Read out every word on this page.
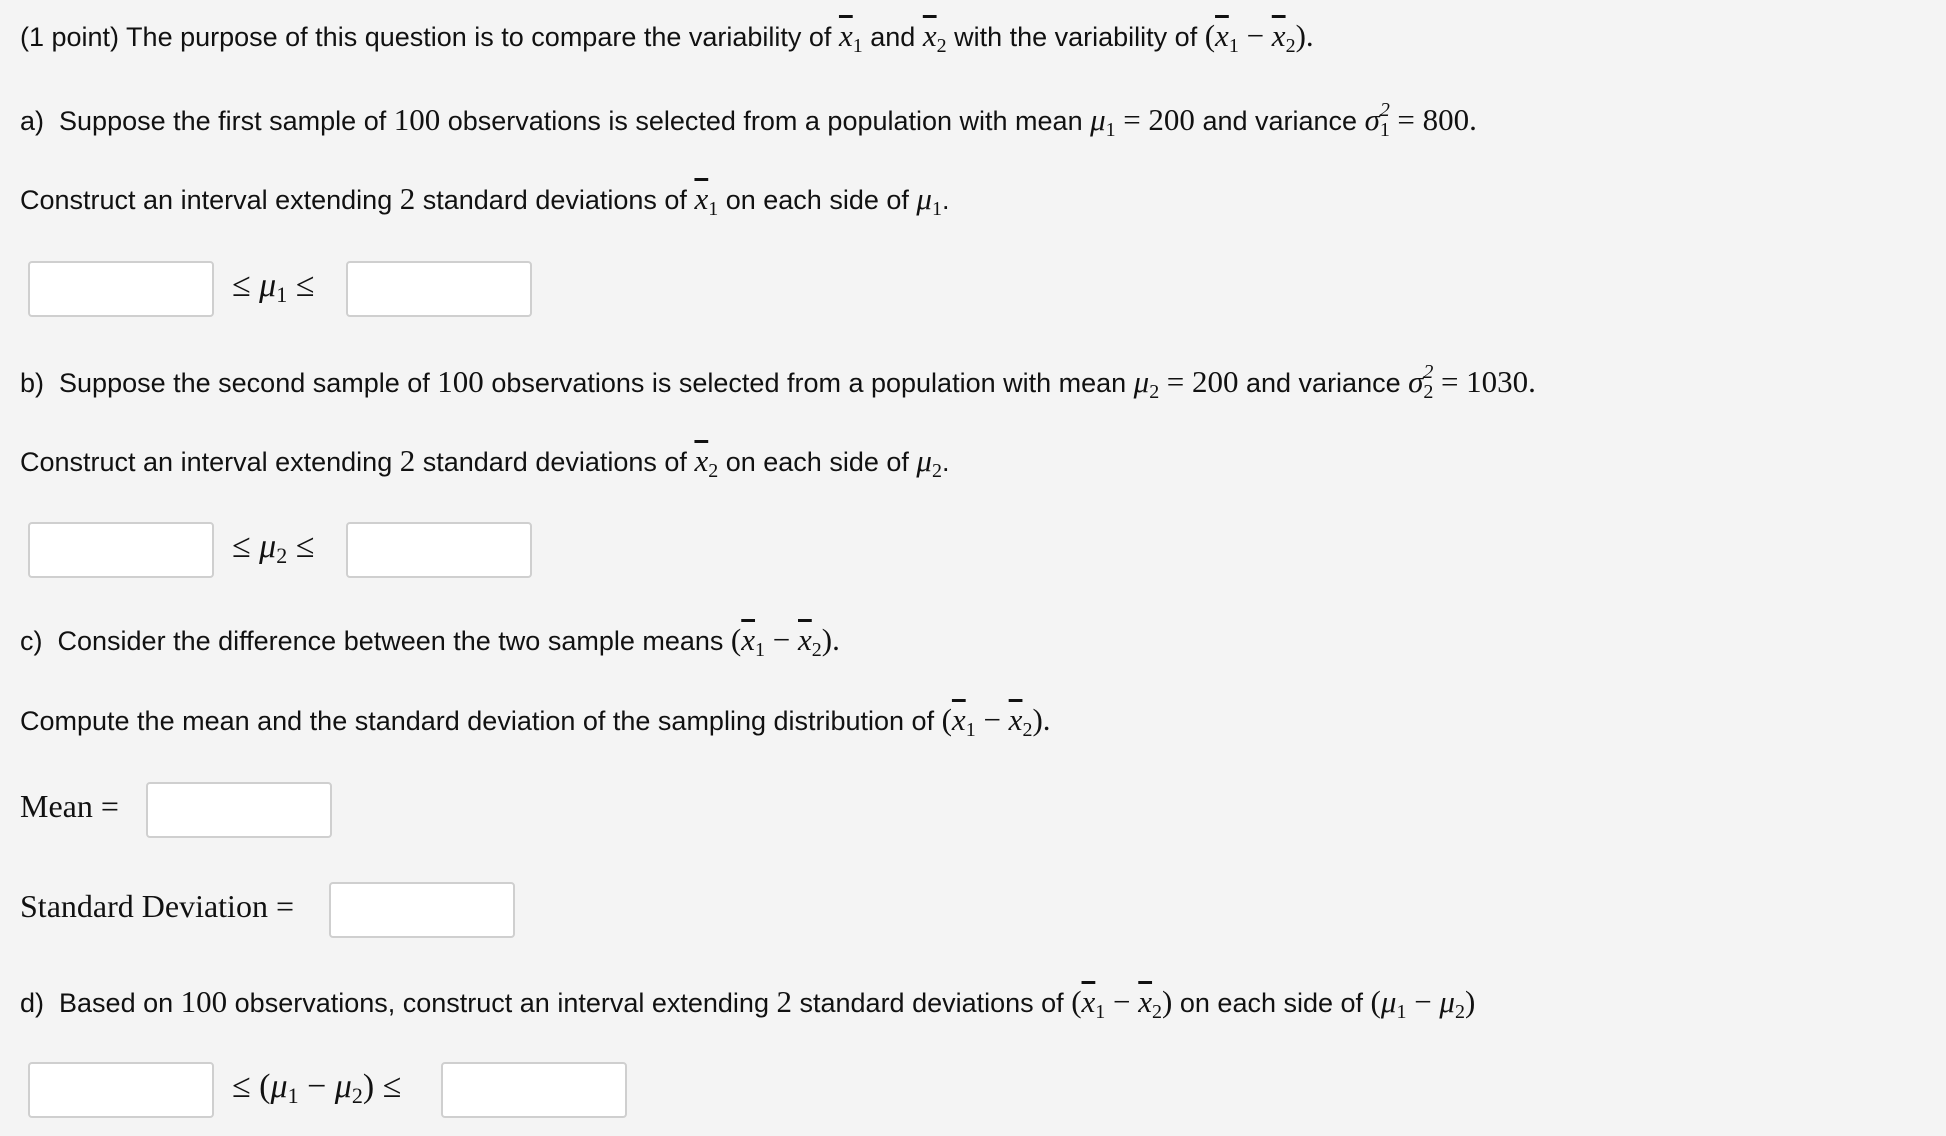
(1 point) The purpose of this question is to compare the variability of $\overline{x}_1$ and $\overline{x}_2$ with the variability of $(\overline{x}_1 - \overline{x}_2)$.
a) Suppose the first sample of 100 observations is selected from a population with mean $\mu_1 = 200$ and variance $\sigma^2_1 = 800$.
Construct an interval extending 2 standard deviations of $\overline{x}_1$ on each side of $\mu_1$.
≤ $\mu_1$ ≤
b) Suppose the second sample of 100 observations is selected from a population with mean $\mu_2 = 200$ and variance $\sigma^2_2 = 1030$.
Construct an interval extending 2 standard deviations of $\overline{x}_2$ on each side of $\mu_2$.
≤ $\mu_2$ ≤
c) Consider the difference between the two sample means $(\overline{x}_1 - \overline{x}_2)$.
Compute the mean and the standard deviation of the sampling distribution of $(\overline{x}_1 - \overline{x}_2)$.
Mean =
Standard Deviation =
d) Based on 100 observations, construct an interval extending 2 standard deviations of $(\overline{x}_1 - \overline{x}_2)$ on each side of $(\mu_1 - \mu_2)$
≤ $(\mu_1 - \mu_2)$ ≤
